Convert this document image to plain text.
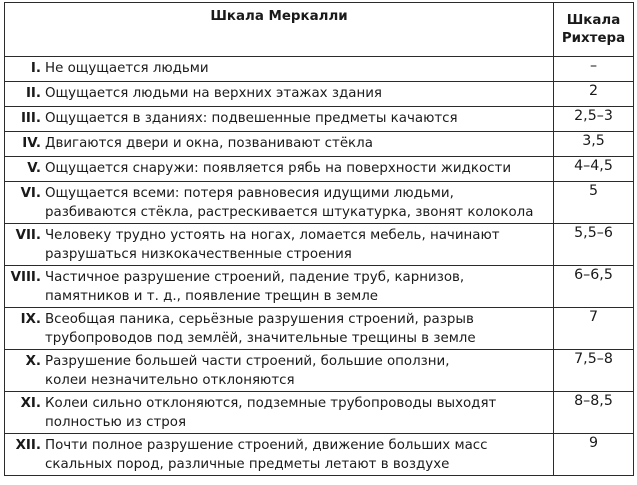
Шкала Меркалли	Шкала
Рихтера

I. Не ощущается людьми	–

II. Ощущается людьми на верхних этажах здания	2

III. Ощущается в зданиях: подвешенные предметы качаются	2,5–3

IV. Двигаются двери и окна, позванивают стёкла	3,5

V. Ощущается снаружи: появляется рябь на поверхности жидкости	4–4,5

VI. Ощущается всеми: потеря равновесия идущими людьми,
разбиваются стёкла, растрескивается штукатурка, звонят колокола	5

VII. Человеку трудно устоять на ногах, ломается мебель, начинают
разрушаться низкокачественные строения	5,5–6

VIII. Частичное разрушение строений, падение труб, карнизов,
памятников и т. д., появление трещин в земле	6–6,5

IX. Всеобщая паника, серьёзные разрушения строений, разрыв
трубопроводов под землёй, значительные трещины в земле	7

X. Разрушение большей части строений, большие оползни,
колеи незначительно отклоняются	7,5–8

XI. Колеи сильно отклоняются, подземные трубопроводы выходят
полностью из строя	8–8,5

XII. Почти полное разрушение строений, движение больших масс
скальных пород, различные предметы летают в воздухе	9
